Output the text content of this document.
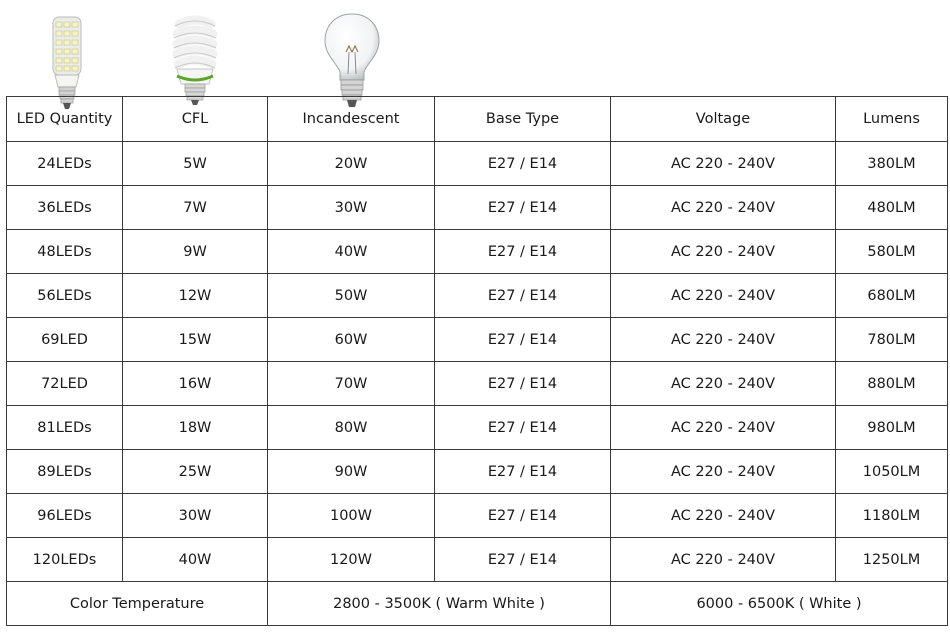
LED Quantity	CFL	Incandescent	Base Type	Voltage	Lumens
24LEDs	5W	20W	E27 / E14	AC 220 - 240V	380LM
36LEDs	7W	30W	E27 / E14	AC 220 - 240V	480LM
48LEDs	9W	40W	E27 / E14	AC 220 - 240V	580LM
56LEDs	12W	50W	E27 / E14	AC 220 - 240V	680LM
69LED	15W	60W	E27 / E14	AC 220 - 240V	780LM
72LED	16W	70W	E27 / E14	AC 220 - 240V	880LM
81LEDs	18W	80W	E27 / E14	AC 220 - 240V	980LM
89LEDs	25W	90W	E27 / E14	AC 220 - 240V	1050LM
96LEDs	30W	100W	E27 / E14	AC 220 - 240V	1180LM
120LEDs	40W	120W	E27 / E14	AC 220 - 240V	1250LM
Color Temperature		2800 - 3500K ( Warm White )		6000 - 6500K ( White )	
